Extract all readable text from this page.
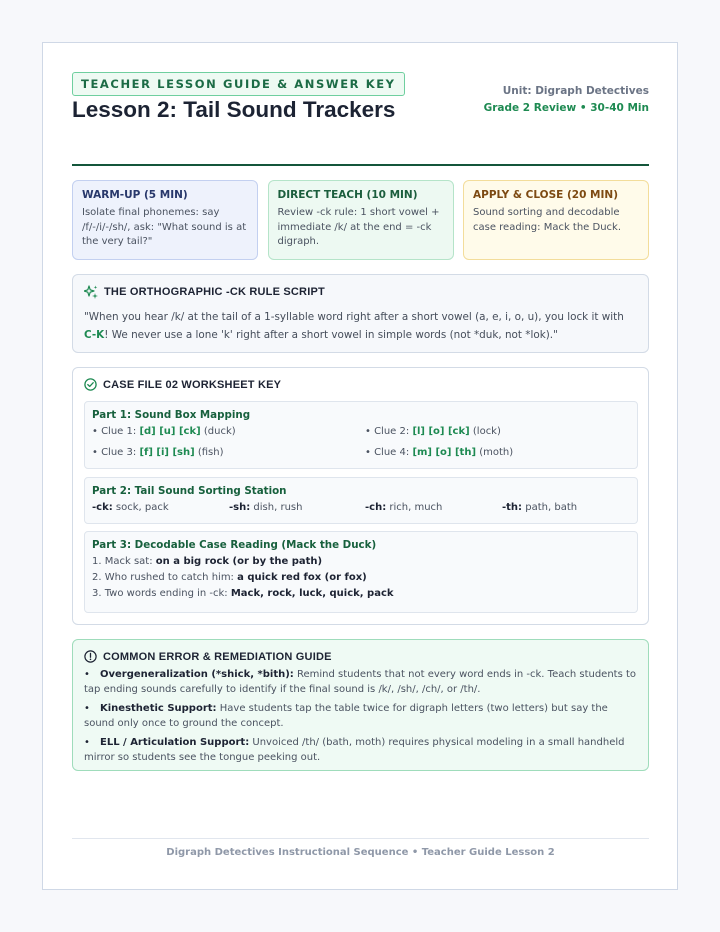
TEACHER LESSON GUIDE & ANSWER KEY
Lesson 2: Tail Sound Trackers
Unit: Digraph Detectives
Grade 2 Review • 30-40 Min
WARM-UP (5 MIN)
Isolate final phonemes: say /f/-/i/-/sh/, ask: "What sound is at the very tail?"
DIRECT TEACH (10 MIN)
Review -ck rule: 1 short vowel + immediate /k/ at the end = -ck digraph.
APPLY & CLOSE (20 MIN)
Sound sorting and decodable case reading: Mack the Duck.
THE ORTHOGRAPHIC -CK RULE SCRIPT
"When you hear /k/ at the tail of a 1-syllable word right after a short vowel (a, e, i, o, u), you lock it with C-K! We never use a lone 'k' right after a short vowel in simple words (not *duk, not *lok)."
CASE FILE 02 WORKSHEET KEY
Part 1: Sound Box Mapping
• Clue 1: [d] [u] [ck] (duck)	• Clue 2: [l] [o] [ck] (lock)
• Clue 3: [f] [i] [sh] (fish)	• Clue 4: [m] [o] [th] (moth)
Part 2: Tail Sound Sorting Station
-ck: sock, pack	-sh: dish, rush	-ch: rich, much	-th: path, bath
Part 3: Decodable Case Reading (Mack the Duck)
1. Mack sat: on a big rock (or by the path)
2. Who rushed to catch him: a quick red fox (or fox)
3. Two words ending in -ck: Mack, rock, luck, quick, pack
COMMON ERROR & REMEDIATION GUIDE
• Overgeneralization (*shick, *bith): Remind students that not every word ends in -ck. Teach students to tap ending sounds carefully to identify if the final sound is /k/, /sh/, /ch/, or /th/.
• Kinesthetic Support: Have students tap the table twice for digraph letters (two letters) but say the sound only once to ground the concept.
• ELL / Articulation Support: Unvoiced /th/ (bath, moth) requires physical modeling in a small handheld mirror so students see the tongue peeking out.
Digraph Detectives Instructional Sequence • Teacher Guide Lesson 2
